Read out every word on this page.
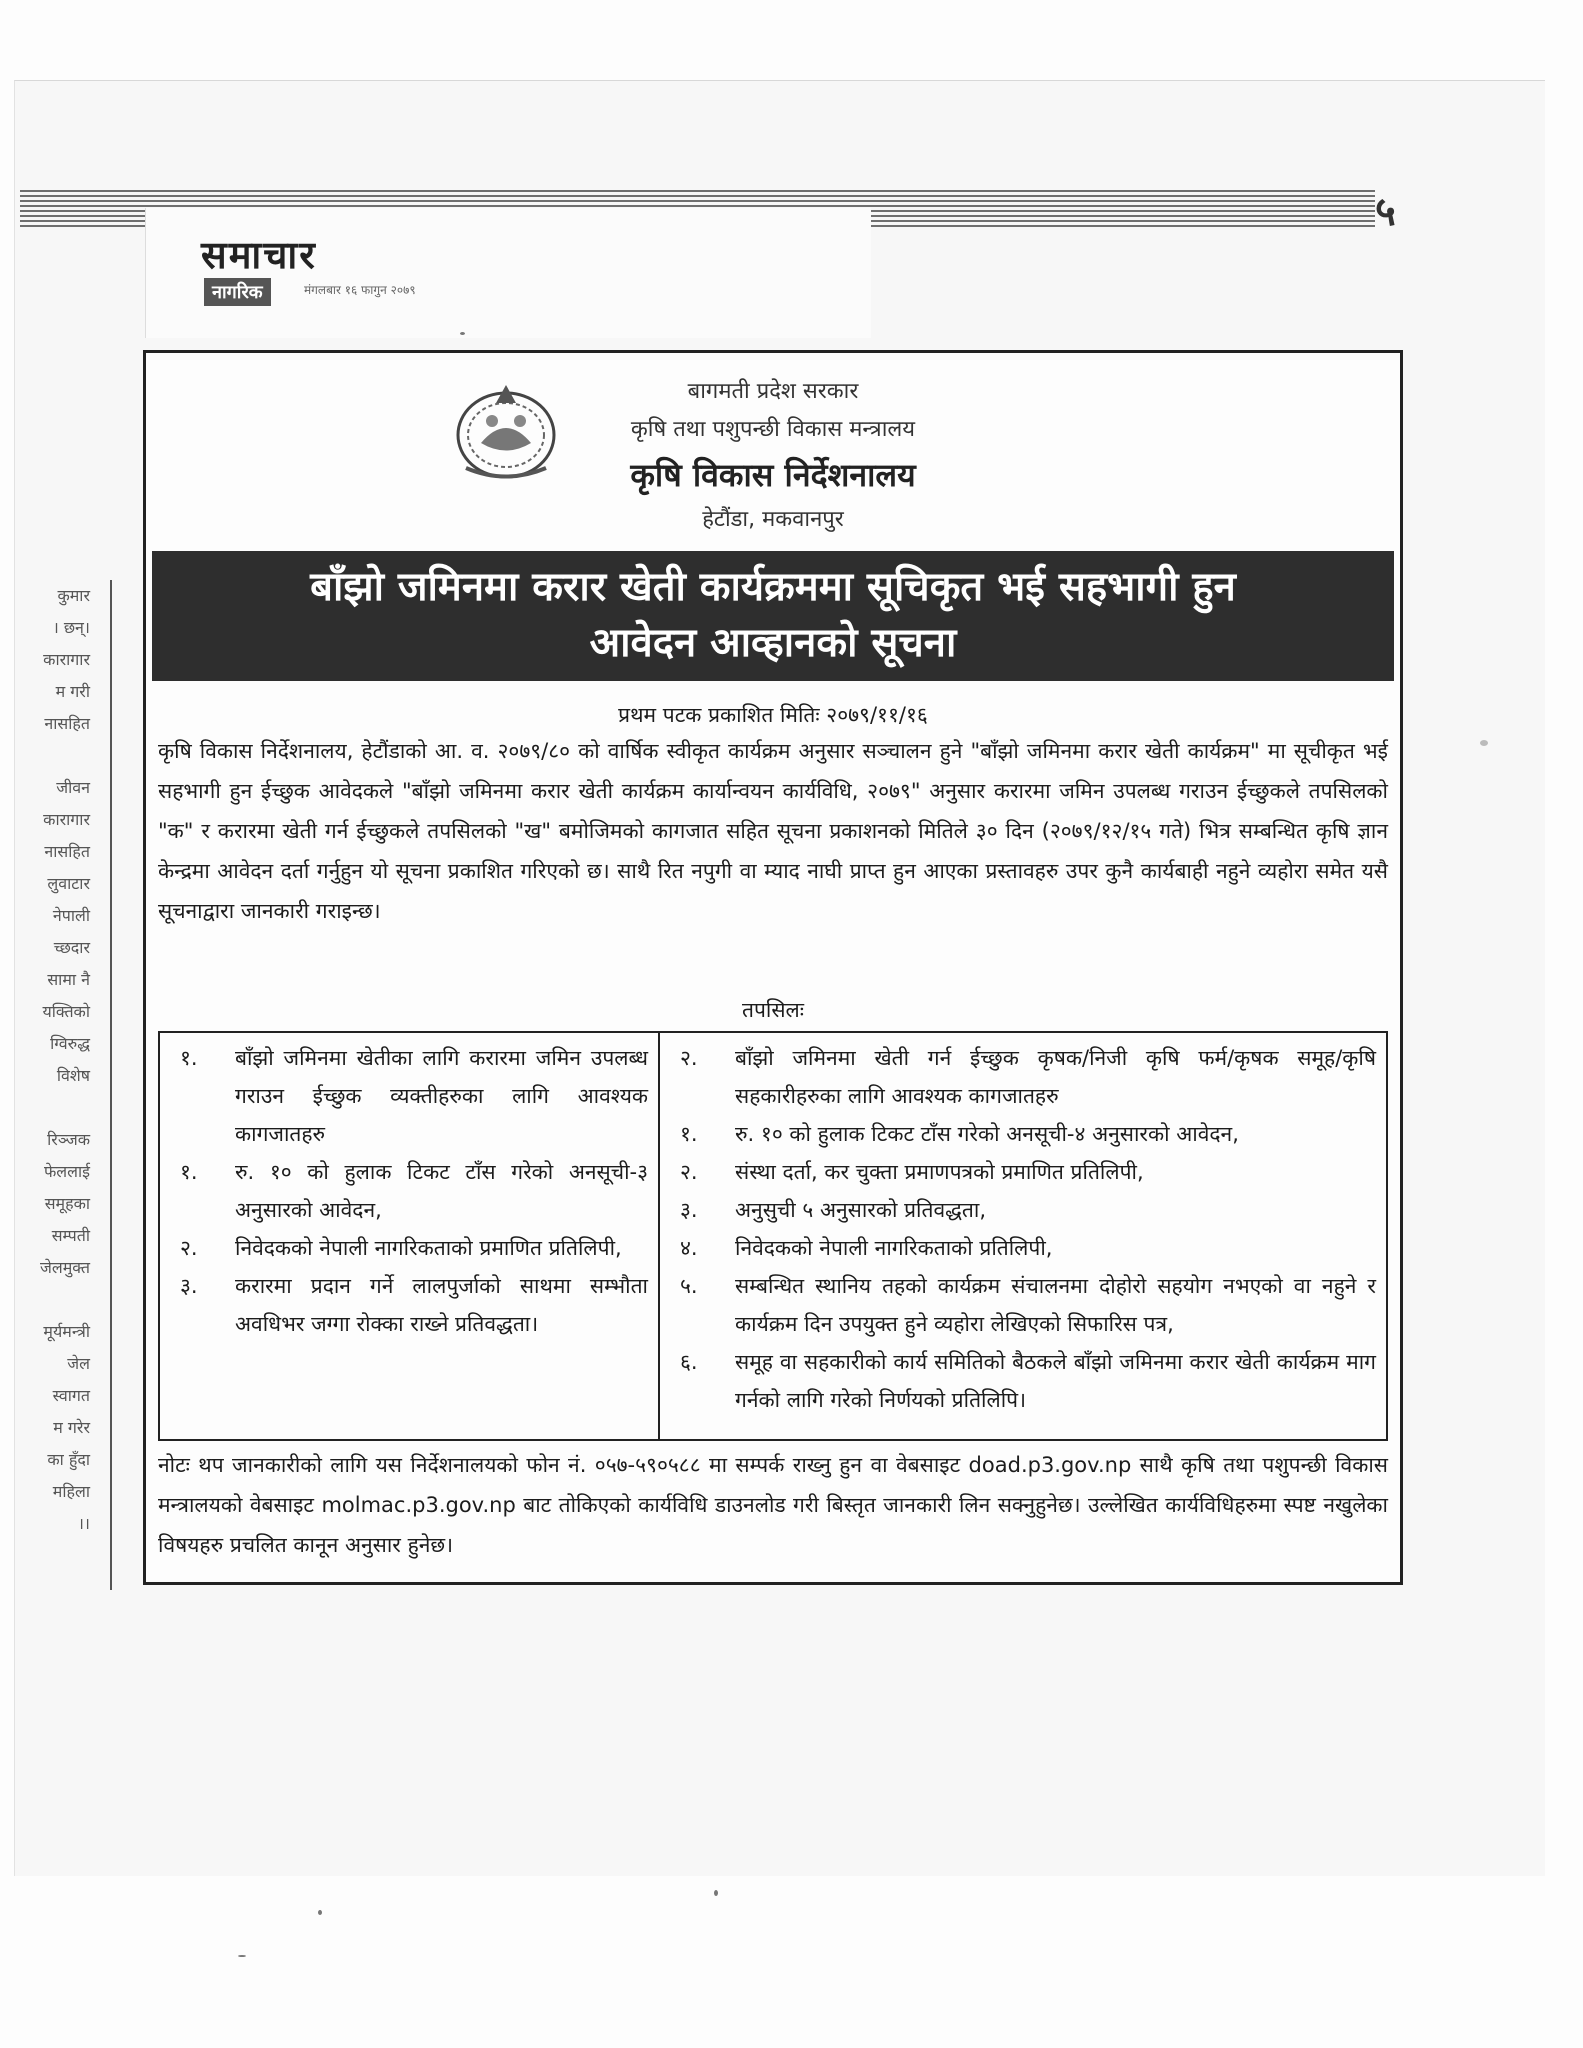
५
समाचार
नागरिक	मंगलबार १६ फागुन २०७९
कुमार
। छन्।
कारागार
म गरी
नासहित
जीवन
कारागार
नासहित
लुवाटार
नेपाली
च्छदार
सामा नै
यक्तिको
ग्विरुद्ध
विशेष
रिञ्जक
फेललाई
समूहका
सम्पती
जेलमुक्त
मूर्यमन्त्री
जेल
स्वागत
म गरेर
का हुँदा
महिला
।।
बागमती प्रदेश सरकार
कृषि तथा पशुपन्छी विकास मन्त्रालय
कृषि विकास निर्देशनालय
हेटौंडा, मकवानपुर
बाँझो जमिनमा करार खेती कार्यक्रममा सूचिकृत भई सहभागी हुन
आवेदन आव्हानको सूचना
प्रथम पटक प्रकाशित मितिः २०७९/११/१६
कृषि विकास निर्देशनालय, हेटौंडाको आ. व. २०७९/८० को वार्षिक स्वीकृत कार्यक्रम अनुसार सञ्चालन हुने "बाँझो जमिनमा करार खेती कार्यक्रम" मा सूचीकृत भई सहभागी हुन ईच्छुक आवेदकले "बाँझो जमिनमा करार खेती कार्यक्रम कार्यान्वयन कार्यविधि, २०७९" अनुसार करारमा जमिन उपलब्ध गराउन ईच्छुकले तपसिलको "क" र करारमा खेती गर्न ईच्छुकले तपसिलको "ख" बमोजिमको कागजात सहित सूचना प्रकाशनको मितिले ३० दिन (२०७९/१२/१५ गते) भित्र सम्बन्धित कृषि ज्ञान केन्द्रमा आवेदन दर्ता गर्नुहुन यो सूचना प्रकाशित गरिएको छ। साथै रित नपुगी वा म्याद नाघी प्राप्त हुन आएका प्रस्तावहरु उपर कुनै कार्यबाही नहुने व्यहोरा समेत यसै सूचनाद्वारा जानकारी गराइन्छ।
तपसिलः
१.	बाँझो जमिनमा खेतीका लागि करारमा जमिन उपलब्ध गराउन ईच्छुक व्यक्तीहरुका लागि आवश्यक कागजातहरु
१.	रु. १० को हुलाक टिकट टाँस गरेको अनसूची-३ अनुसारको आवेदन,
२.	निवेदकको नेपाली नागरिकताको प्रमाणित प्रतिलिपी,
३.	करारमा प्रदान गर्ने लालपुर्जाको साथमा सम्भौता अवधिभर जग्गा रोक्का राख्ने प्रतिवद्धता।
२.	बाँझो जमिनमा खेती गर्न ईच्छुक कृषक/निजी कृषि फर्म/कृषक समूह/कृषि सहकारीहरुका लागि आवश्यक कागजातहरु
१.	रु. १० को हुलाक टिकट टाँस गरेको अनसूची-४ अनुसारको आवेदन,
२.	संस्था दर्ता, कर चुक्ता प्रमाणपत्रको प्रमाणित प्रतिलिपी,
३.	अनुसुची ५ अनुसारको प्रतिवद्धता,
४.	निवेदकको नेपाली नागरिकताको प्रतिलिपी,
५.	सम्बन्धित स्थानिय तहको कार्यक्रम संचालनमा दोहोरो सहयोग नभएको वा नहुने र कार्यक्रम दिन उपयुक्त हुने व्यहोरा लेखिएको सिफारिस पत्र,
६.	समूह वा सहकारीको कार्य समितिको बैठकले बाँझो जमिनमा करार खेती कार्यक्रम माग गर्नको लागि गरेको निर्णयको प्रतिलिपि।
नोटः थप जानकारीको लागि यस निर्देशनालयको फोन नं. ०५७-५९०५८८ मा सम्पर्क राख्नु हुन वा वेबसाइट doad.p3.gov.np साथै कृषि तथा पशुपन्छी विकास मन्त्रालयको वेबसाइट molmac.p3.gov.np बाट तोकिएको कार्यविधि डाउनलोड गरी बिस्तृत जानकारी लिन सक्नुहुनेछ। उल्लेखित कार्यविधिहरुमा स्पष्ट नखुलेका विषयहरु प्रचलित कानून अनुसार हुनेछ।
